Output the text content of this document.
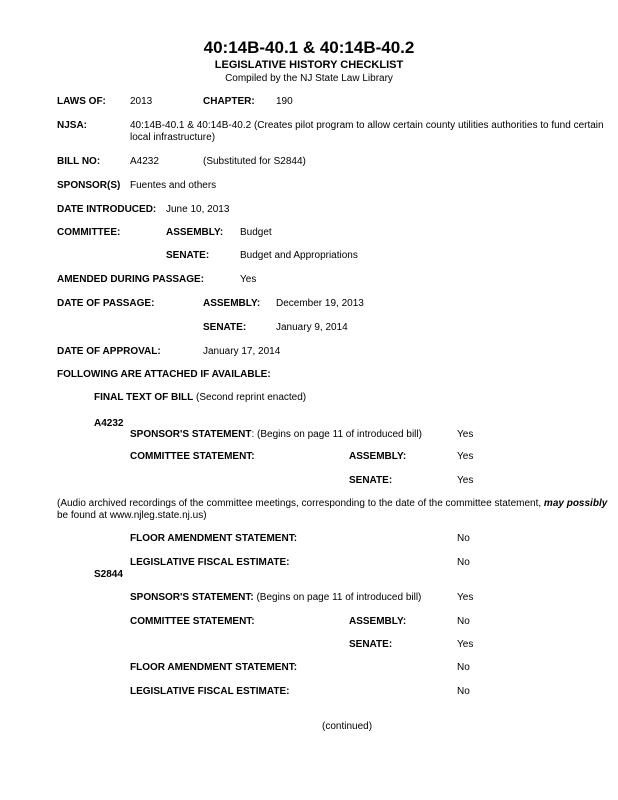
40:14B-40.1 & 40:14B-40.2
LEGISLATIVE HISTORY CHECKLIST
Compiled by the NJ State Law Library
LAWS OF: 2013	CHAPTER: 190
NJSA:	40:14B-40.1 & 40:14B-40.2 (Creates pilot program to allow certain county utilities authorities to fund certain
local infrastructure)
BILL NO:	A4232	(Substituted for S2844)
SPONSOR(S) Fuentes and others
DATE INTRODUCED: June 10, 2013
COMMITTEE:	ASSEMBLY: Budget
SENATE:	Budget and Appropriations
AMENDED DURING PASSAGE:	Yes
DATE OF PASSAGE:	ASSEMBLY: December 19, 2013
SENATE:	January 9, 2014
DATE OF APPROVAL:	January 17, 2014
FOLLOWING ARE ATTACHED IF AVAILABLE:
FINAL TEXT OF BILL (Second reprint enacted)
A4232
SPONSOR'S STATEMENT: (Begins on page 11 of introduced bill)	Yes
COMMITTEE STATEMENT:	ASSEMBLY:	Yes
SENATE:	Yes
(Audio archived recordings of the committee meetings, corresponding to the date of the committee statement, may possibly
be found at www.njleg.state.nj.us)
FLOOR AMENDMENT STATEMENT:	No
LEGISLATIVE FISCAL ESTIMATE:	No
S2844
SPONSOR'S STATEMENT: (Begins on page 11 of introduced bill)	Yes
COMMITTEE STATEMENT:	ASSEMBLY:	No
SENATE:	Yes
FLOOR AMENDMENT STATEMENT:	No
LEGISLATIVE FISCAL ESTIMATE:	No
(continued)
